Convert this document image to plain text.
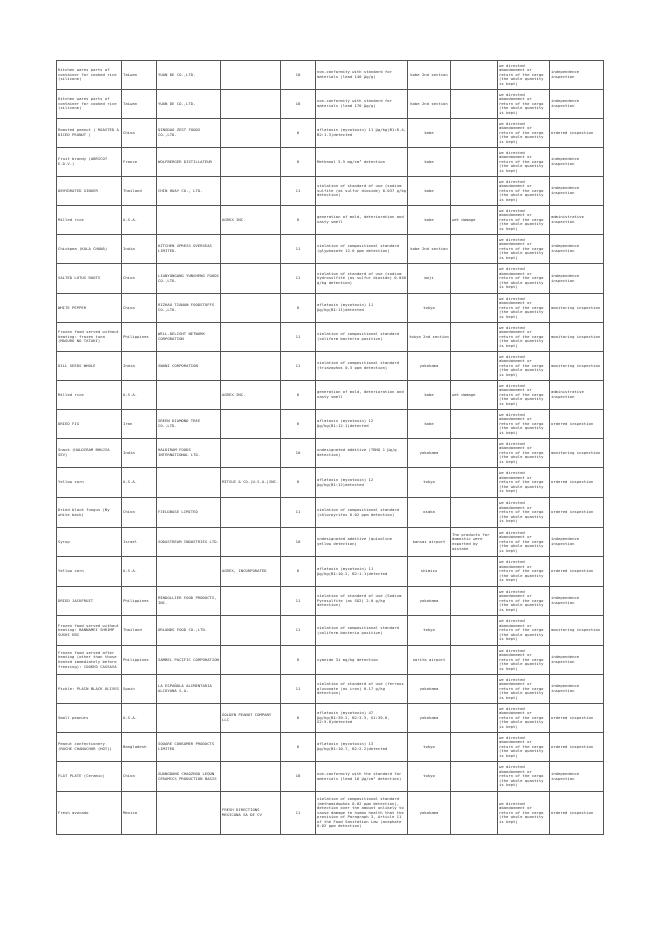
Kitchen wares parts of container for cooked rice (silicone)	Taiwan	YUAN DE CO.,LTD.		18	non-conformity with standard for materials (lead 140 μg/g)	kobe 2nd section		we directed abandonment or return of the cargo (the whole quantity is kept)	independence inspection
Kitchen wares parts of container for cooked rice (silicone)	Taiwan	YUAN DE CO.,LTD.		18	non-conformity with standard for materials (lead 170 μg/g)	kobe 2nd section		we directed abandonment or return of the cargo (the whole quantity is kept)	independence inspection
Roasted peanut ( ROASTED & DICED PEANUT )	China	QINGDAO ZEST FOODS CO.,LTD.		6	aflatoxin (mycotoxin) 11 μg/kg(B1:8.4, B2:1.3)detected	kobe		we directed abandonment or return of the cargo (the whole quantity is kept)	ordered inspection
Fruit brandy (ABRICOT E.D.V.)	France	WOLFBERGER DISTILLATEUR		6	Methanol 5.5 mg/cm³ detection	kobe		we directed abandonment or return of the cargo (the whole quantity is kept)	independence inspection
DEHYDRATED GINGER	Thailand	CHIN HUAY CO., LTD.		11	violation of standard of use (sodium sulfite (as sulfur dioxide) 0.037 g/kg detection)	kobe		we directed abandonment or return of the cargo (the whole quantity is kept)	independence inspection
Milled rice	U.S.A.		AGREX INC.	6	generation of mold, deterioration and nasty smell	kobe	wet damage	we directed abandonment or return of the cargo (the whole quantity is kept)	administrative inspection
Chickpea (KALA CHANA)	India	KITCHEN XPRESS OVERSEAS LIMITED.		11	violation of compositional standard (glyphosate 12.0 ppm detection)	kobe 2nd section		we directed abandonment or return of the cargo (the whole quantity is kept)	independence inspection
SALTED LOTUS ROOTS	China	LIANYUNGANG YUNSHENG FOODS CO.,LTD.		11	violation of standard of use (sodium hydrosulfite (as sulfur dioxide) 0.040 g/kg detection)	moji		we directed abandonment or return of the cargo (the whole quantity is kept)	independence inspection
WHITE PEPPER	China	RIZHAO TIANAN FOODSTUFFS CO.,LTD.		6	aflatoxin (mycotoxin) 11 μg/kg(B1:11)detected	tokyo		we directed abandonment or return of the cargo (the whole quantity is kept)	monitoring inspection
Frozen food served without heating: frozen tuna (MAGURO NO TATAKI)	Philippines	WELL-DELIGHT NETWORK CORPORATION		11	violation of compositional standard (coliform bacteria positive)	tokyo 2nd section		we directed abandonment or return of the cargo (the whole quantity is kept)	monitoring inspection
DILL SEEDS WHOLE	India	SWANI CORPORATION		11	violation of compositional standard (triazophos 0.3 ppm detection)	yokohama		we directed abandonment or return of the cargo (the whole quantity is kept)	monitoring inspection
Milled rice	U.S.A.		AGREX INC.	6	generation of mold, deterioration and nasty smell	kobe	wet damage	we directed abandonment or return of the cargo (the whole quantity is kept)	administrative inspection
DRIED FIG	Iran	GREEN DIAMOND TREE CO.,LTD.		6	aflatoxin (mycotoxin) 12 μg/kg(B1:12.1)detected	kobe		we directed abandonment or return of the cargo (the whole quantity is kept)	ordered inspection
Snack (HALDIRAM BHUJIA SEV)	India	HALDIRAM FOODS INTERNATIONAL LTD.		10	undesignated additive (TBHQ 1 μg/g detection)	yokohama		we directed abandonment or return of the cargo (the whole quantity is kept)	monitoring inspection
Yellow corn	U.S.A.		MITSUI & CO.(U.S.A.)INC.	6	aflatoxin (mycotoxin) 12 μg/kg(B1:12)detected	tokyo		we directed abandonment or return of the cargo (the whole quantity is kept)	ordered inspection
Dried black fungus (By white back)	China	FIELDBASE LIMITED		11	violation of compositional standard (chlorpyrifos 0.02 ppm detection)	osaka		we directed abandonment or return of the cargo (the whole quantity is kept)	ordered inspection
Syrup	Israel	SODASTREAM INDUSTRIES LTD.		10	undesignated additive (quinoline yellow detection)	kansai airport	The products for domestic were exported by mistake	we directed abandonment or return of the cargo (the whole quantity is kept)	independence inspection
Yellow corn	U.S.A.		AGREX, INCORPORATED	6	aflatoxin (mycotoxin) 11 μg/kg(B1:10.2, B2:1.1)detected	shimizu		we directed abandonment or return of the cargo (the whole quantity is kept)	ordered inspection
DRIED JACKFRUIT	Philippines	MINDOLLIER FOOD PRODUCTS, INC.		11	violation of standard of use (Sodium Pyrosulfite (as SO2) 2.0 g/kg detection)	yokohama		we directed abandonment or return of the cargo (the whole quantity is kept)	independence inspection
Frozen food served without heating: BANNAMEI SHRIMP SUSHI EBI	Thailand	ORLANDS FOOD CO.,LTD.		11	violation of compositional standard (coliform bacteria positive)	tokyo		we directed abandonment or return of the cargo (the whole quantity is kept)	monitoring inspection
Frozen food served after heating (other than those heated immediately before freezing): COOKED CASSAVA	Philippines	SAMBEL PACIFIC CORPORATION		6	cyanide 31 mg/kg detection	narita airport		we directed abandonment or return of the cargo (the whole quantity is kept)	independence inspection
Pickle: PLAIN BLACK OLIVES	Spain	LA ESPAÑOLA ALIMENTARIA ALCOYANA S.A.		11	violation of standard of use (ferrous gluconate (as iron) 0.17 g/kg detection)	yokohama		we directed abandonment or return of the cargo (the whole quantity is kept)	independence inspection
Small peanuts	U.S.A.		GOLDEN PEANUT COMPANY LLC	6	aflatoxin (mycotoxin) 47 μg/kg(B1:39.2, B2:3.3, G1:39.6, G2:5.0)detected	yokohama		we directed abandonment or return of the cargo (the whole quantity is kept)	ordered inspection
Peanut confectionery (ROCHE CHANACHUR (HOT))	Bangladesh	SQUARE CONSUMER PRODUCTS LIMITED		6	aflatoxin (mycotoxin) 13 μg/kg(B1:10.7, B2:2.2)detected	tokyo		we directed abandonment or return of the cargo (the whole quantity is kept)	ordered inspection
FLAT PLATE (Ceramic)	China	GUANGDONG CHAOZHOU LEQUN CERAMICS PRODUCTION BASIS		18	non-conformity with the standard for materials (lead 16 μg/cm² detection)	tokyo		we directed abandonment or return of the cargo (the whole quantity is kept)	independence inspection
Fresh avocado	Mexico		FRESH DIRECTIONS MEXICANA SA DE CV	11	violation of compositional standard (methamidophos 0.02 ppm detection), detection over the amount unlikely to cause damage to human health that the provision of Paragraph 3, Article 11 of the Food Sanitation Law (acephate 0.02 ppm detection)	yokohama		we directed abandonment or return of the cargo (the whole quantity is kept)	ordered inspection
